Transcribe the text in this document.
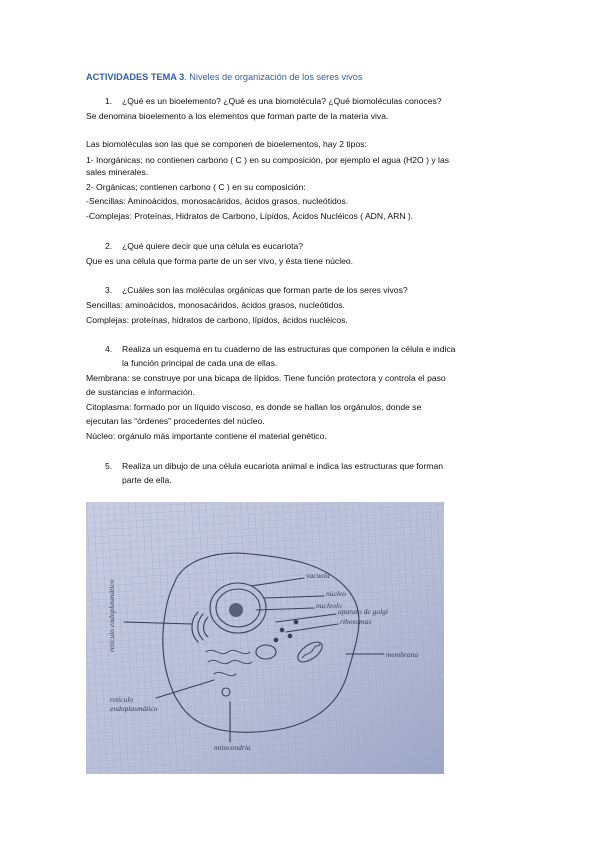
ACTIVIDADES TEMA 3. Niveles de organización de los seres vivos
1. ¿Qué es un bioelemento? ¿Qué es una biomolécula? ¿Qué biomoléculas conoces?
Se denomina bioelemento a los elementos que forman parte de la materia viva.
Las biomoléculas son las que se componen de bioelementos, hay 2 tipos:
1- Inorgánicas; no contienen carbono ( C ) en su composición, por ejemplo el agua (H2O ) y las
sales minerales.
2- Orgánicas; contienen carbono ( C ) en su composición:
-Sencillas: Aminoácidos, monosacáridos, ácidos grasos, nucleótidos.
-Complejas: Proteínas, Hidratos de Carbono, Lípidos, Ácidos Nucléicos ( ADN, ARN ).
2. ¿Qué quiere decir que una célula es eucariota?
Que es una célula que forma parte de un ser vivo, y ésta tiene núcleo.
3. ¿Cuáles son las moléculas orgánicas que forman parte de los seres vivos?
Sencillas: aminoácidos, monosacáridos, ácidos grasos, nucleótidos.
Complejas: proteínas, hidratos de carbono, lípidos, ácidos nucléicos.
4. Realiza un esquema en tu cuaderno de las estructuras que componen la célula e indica
la función principal de cada una de ellas.
Membrana: se construye por una bicapa de lípidos. Tiene función protectora y controla el paso
de sustancias e información.
Citoplasma: formado por un líquido viscoso, es donde se hallan los orgánulos, donde se
ejecutan las “órdenes” procedentes del núcleo.
Núcleo: orgánulo más importante contiene el material genético.
5. Realiza un dibujo de una célula eucariota animal e indica las estructuras que forman
parte de ella.
vacuola
núcleo
nucleolo
aparato de golgi
ribosomas
membrana
mitocondria
retículo
endoplasmático
retículo endoplasmático
